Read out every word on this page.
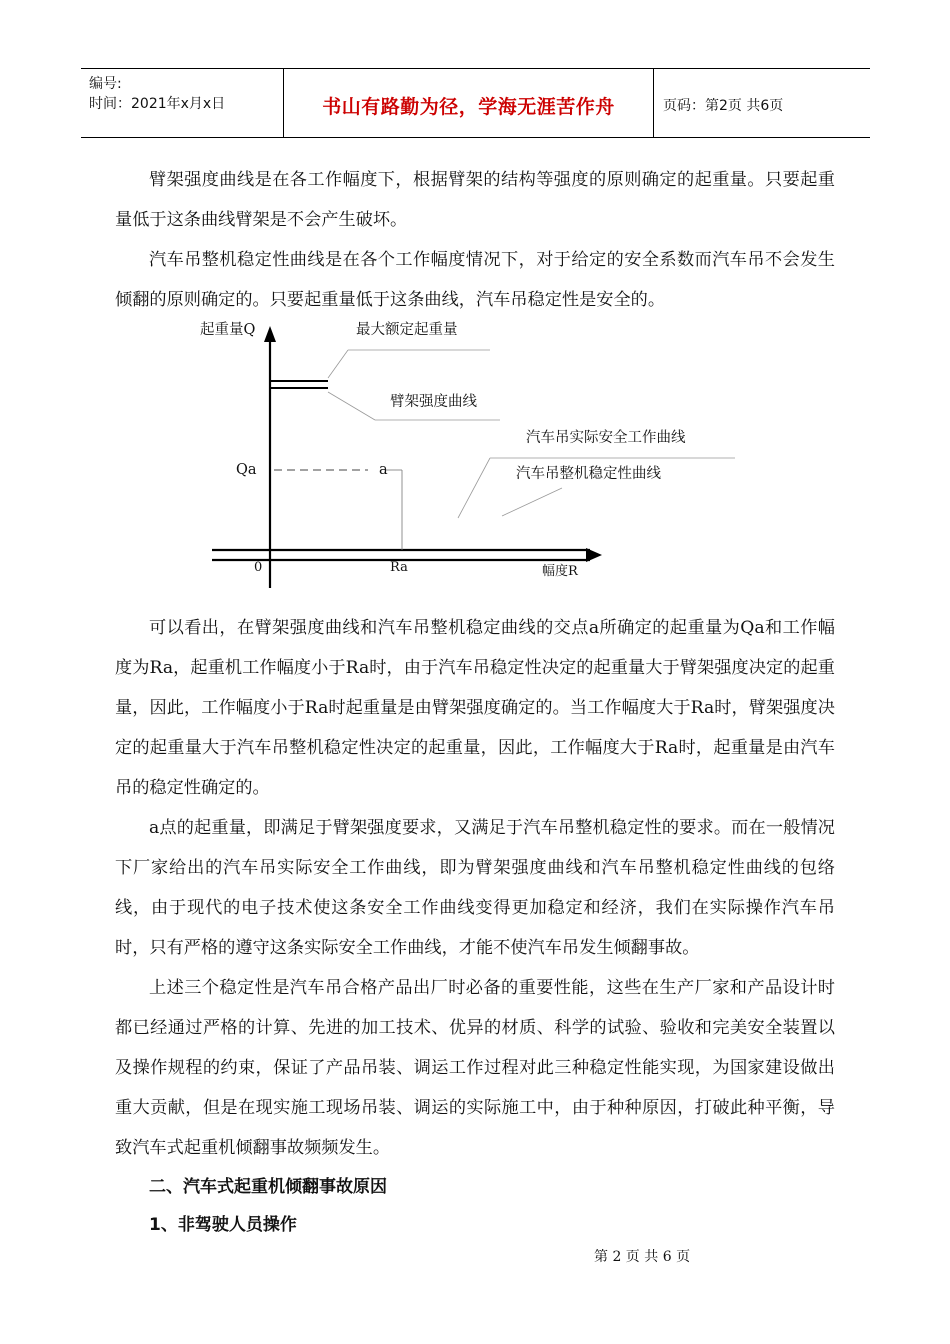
编号:
时间：2021年x月x日	书山有路勤为径，学海无涯苦作舟	页码：第2页 共6页

臂架强度曲线是在各工作幅度下，根据臂架的结构等强度的原则确定的起重量。只要起重量低于这条曲线臂架是不会产生破坏。

汽车吊整机稳定性曲线是在各个工作幅度情况下，对于给定的安全系数而汽车吊不会发生倾翻的原则确定的。只要起重量低于这条曲线，汽车吊稳定性是安全的。

起重量Q	最大额定起重量
臂架强度曲线
汽车吊实际安全工作曲线
汽车吊整机稳定性曲线
Qa	a
0	Ra	幅度R

可以看出，在臂架强度曲线和汽车吊整机稳定曲线的交点a所确定的起重量为Qa和工作幅度为Ra，起重机工作幅度小于Ra时，由于汽车吊稳定性决定的起重量大于臂架强度决定的起重量，因此，工作幅度小于Ra时起重量是由臂架强度确定的。当工作幅度大于Ra时，臂架强度决定的起重量大于汽车吊整机稳定性决定的起重量，因此，工作幅度大于Ra时，起重量是由汽车吊的稳定性确定的。

a点的起重量，即满足于臂架强度要求，又满足于汽车吊整机稳定性的要求。而在一般情况下厂家给出的汽车吊实际安全工作曲线，即为臂架强度曲线和汽车吊整机稳定性曲线的包络线，由于现代的电子技术使这条安全工作曲线变得更加稳定和经济，我们在实际操作汽车吊时，只有严格的遵守这条实际安全工作曲线，才能不使汽车吊发生倾翻事故。

上述三个稳定性是汽车吊合格产品出厂时必备的重要性能，这些在生产厂家和产品设计时都已经通过严格的计算、先进的加工技术、优异的材质、科学的试验、验收和完美安全装置以及操作规程的约束，保证了产品吊装、调运工作过程对此三种稳定性能实现，为国家建设做出重大贡献，但是在现实施工现场吊装、调运的实际施工中，由于种种原因，打破此种平衡，导致汽车式起重机倾翻事故频频发生。

二、汽车式起重机倾翻事故原因
1、非驾驶人员操作
第 2 页 共 6 页
